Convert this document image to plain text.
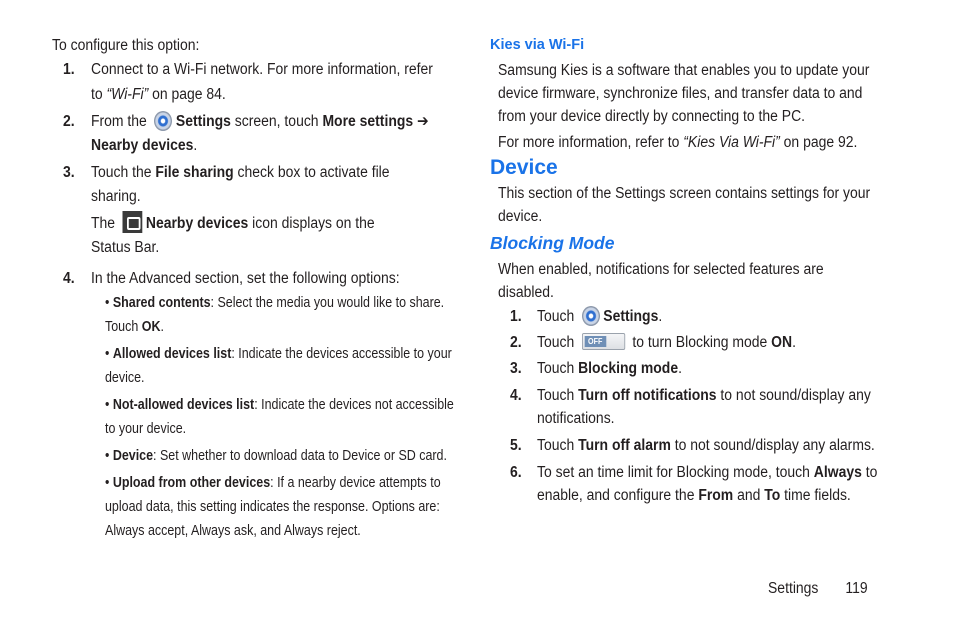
To configure this option:
1. Connect to a Wi-Fi network. For more information, refer
to “Wi-Fi” on page 84.
2. From the Settings screen, touch More settings ➔
Nearby devices.
3. Touch the File sharing check box to activate file
sharing.
The Nearby devices icon displays on the
Status Bar.
4. In the Advanced section, set the following options:
• Shared contents: Select the media you would like to share.
Touch OK.
• Allowed devices list: Indicate the devices accessible to your
device.
• Not-allowed devices list: Indicate the devices not accessible
to your device.
• Device: Set whether to download data to Device or SD card.
• Upload from other devices: If a nearby device attempts to
upload data, this setting indicates the response. Options are:
Always accept, Always ask, and Always reject.
Kies via Wi-Fi
Samsung Kies is a software that enables you to update your
device firmware, synchronize files, and transfer data to and
from your device directly by connecting to the PC.
For more information, refer to “Kies Via Wi-Fi” on page 92.
Device
This section of the Settings screen contains settings for your
device.
Blocking Mode
When enabled, notifications for selected features are
disabled.
1. Touch Settings.
2. Touch	OFF to turn Blocking mode ON.
3. Touch Blocking mode.
4. Touch Turn off notifications to not sound/display any
notifications.
5. Touch Turn off alarm to not sound/display any alarms.
6. To set an time limit for Blocking mode, touch Always to
enable, and configure the From and To time fields.
Settings 119
